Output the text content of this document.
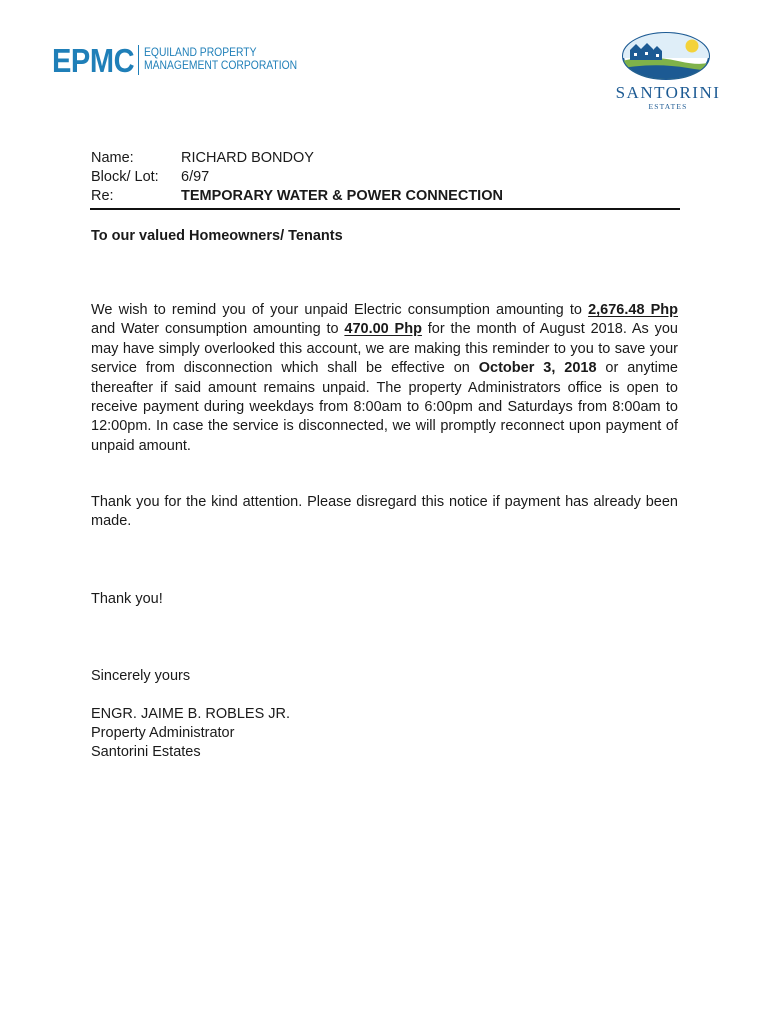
EPMC EQUILAND PROPERTY
MANAGEMENT CORPORATION
SANTORINI
ESTATES
Name:	RICHARD BONDOY
Block/ Lot: 6/97
Re:	TEMPORARY WATER & POWER CONNECTION
To our valued Homeowners/ Tenants
We wish to remind you of your unpaid Electric consumption amounting to 2,676.48 Php and Water consumption amounting to 470.00 Php for the month of August 2018. As you may have simply overlooked this account, we are making this reminder to you to save your service from disconnection which shall be effective on October 3, 2018 or anytime thereafter if said amount remains unpaid. The property Administrators office is open to receive payment during weekdays from 8:00am to 6:00pm and Saturdays from 8:00am to 12:00pm. In case the service is disconnected, we will promptly reconnect upon payment of unpaid amount.
Thank you for the kind attention. Please disregard this notice if payment has already been made.
Thank you!
Sincerely yours
ENGR. JAIME B. ROBLES JR.
Property Administrator
Santorini Estates
